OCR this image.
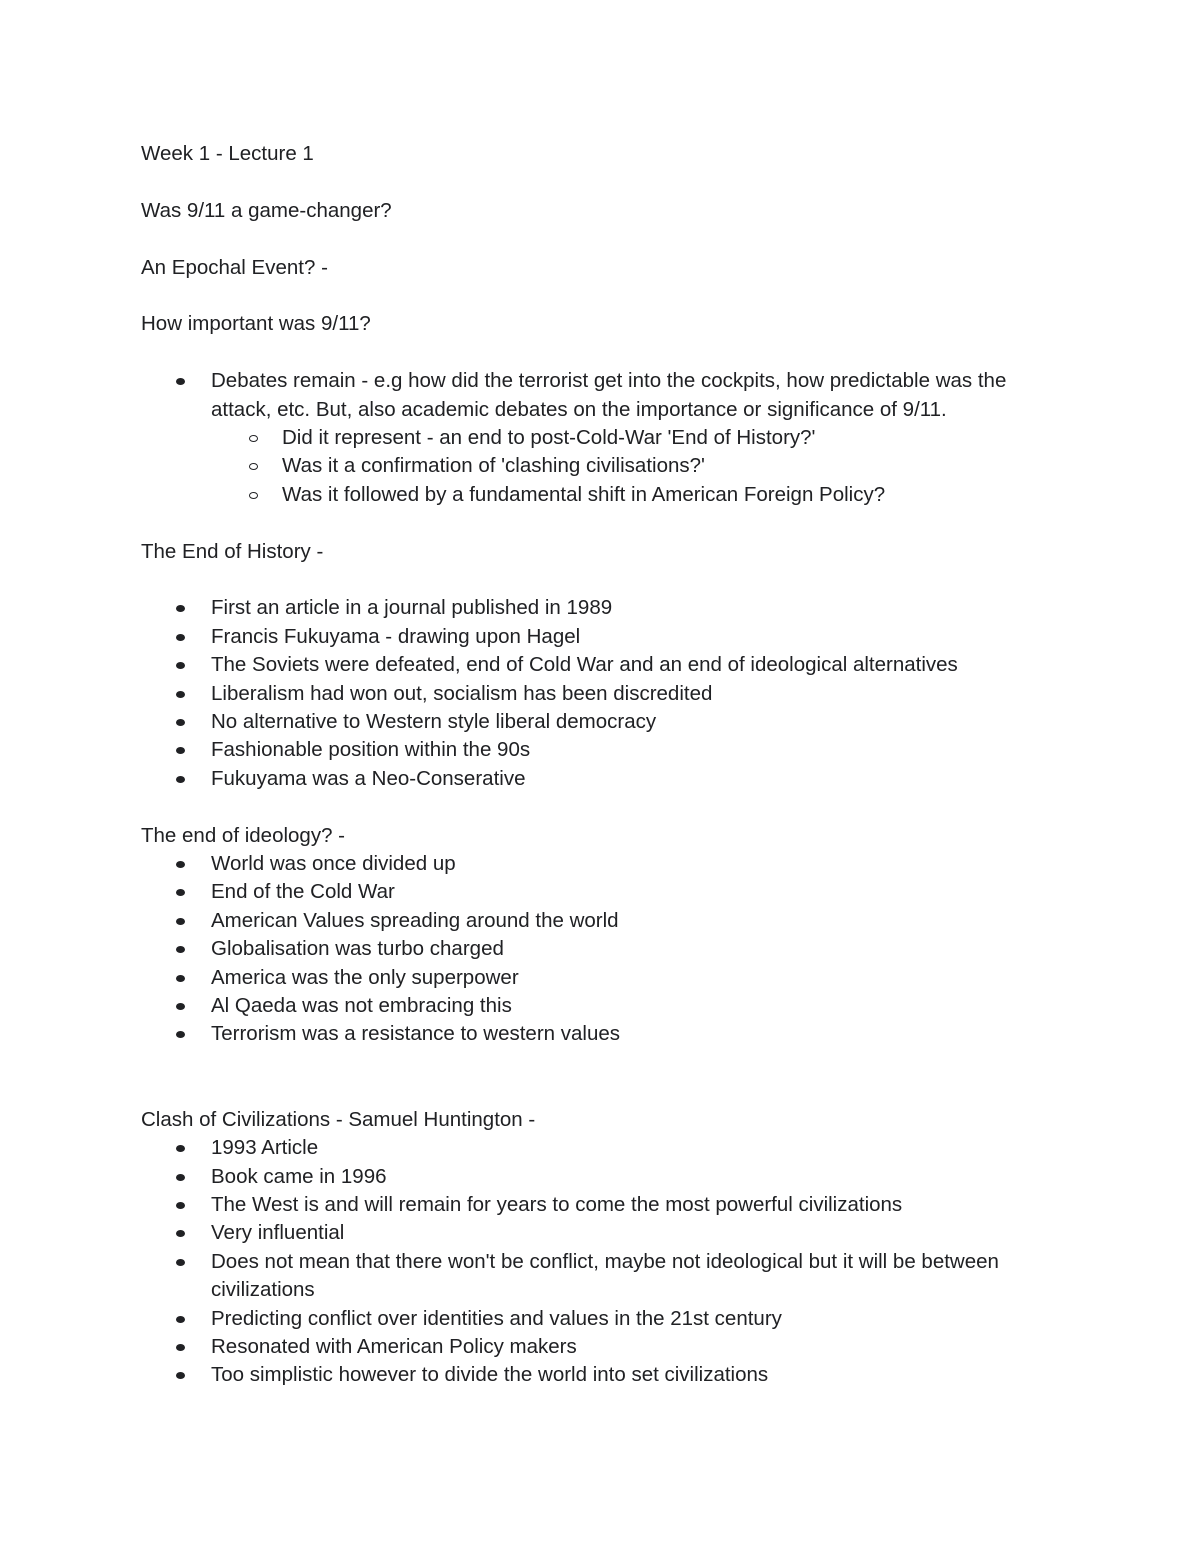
Week 1 - Lecture 1
Was 9/11 a game-changer?
An Epochal Event? -
How important was 9/11?
Debates remain - e.g how did the terrorist get into the cockpits, how predictable was the
attack, etc. But, also academic debates on the importance or significance of 9/11.
Did it represent - an end to post-Cold-War 'End of History?'
Was it a confirmation of 'clashing civilisations?'
Was it followed by a fundamental shift in American Foreign Policy?
The End of History -
First an article in a journal published in 1989
Francis Fukuyama - drawing upon Hagel
The Soviets were defeated, end of Cold War and an end of ideological alternatives
Liberalism had won out, socialism has been discredited
No alternative to Western style liberal democracy
Fashionable position within the 90s
Fukuyama was a Neo-Conserative
The end of ideology? -
World was once divided up
End of the Cold War
American Values spreading around the world
Globalisation was turbo charged
America was the only superpower
Al Qaeda was not embracing this
Terrorism was a resistance to western values
Clash of Civilizations - Samuel Huntington -
1993 Article
Book came in 1996
The West is and will remain for years to come the most powerful civilizations
Very influential
Does not mean that there won't be conflict, maybe not ideological but it will be between
civilizations
Predicting conflict over identities and values in the 21st century
Resonated with American Policy makers
Too simplistic however to divide the world into set civilizations
